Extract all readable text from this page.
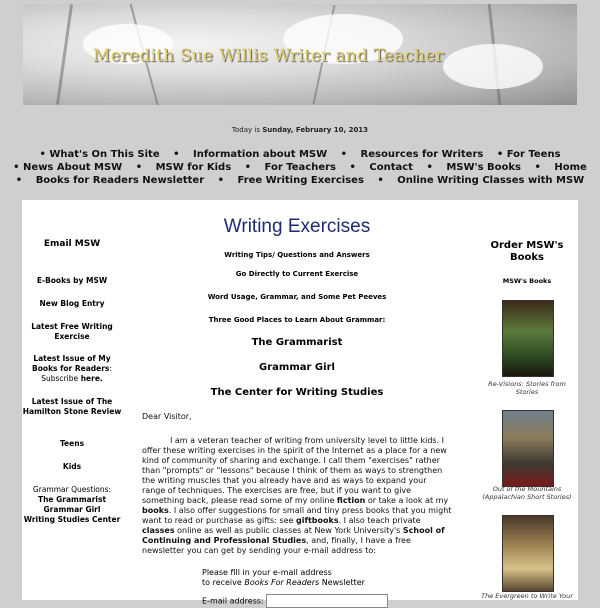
Meredith Sue Willis Writer and Teacher
Today is Sunday, February 10, 2013
• What's On This Site • Information about MSW • Resources for Writers • For Teens
• News About MSW • MSW for Kids • For Teachers • Contact • MSW's Books • Home
• Books for Readers Newsletter • Free Writing Exercises • Online Writing Classes with MSW
Email MSW
E-Books by MSW
New Blog Entry
Latest Free Writing Exercise
Latest Issue of My Books for Readers: Subscribe here.
Latest Issue of The Hamilton Stone Review
Teens
Kids
Grammar Questions:
The Grammarist
Grammar Girl
Writing Studies Center
Writing Exercises
Writing Tips/ Questions and Answers
Go Directly to Current Exercise
Word Usage, Grammar, and Some Pet Peeves
Three Good Places to Learn About Grammar:
The Grammarist
Grammar Girl
The Center for Writing Studies
Dear Visitor,
I am a veteran teacher of writing from university level to little kids. I offer these writing exercises in the spirit of the Internet as a place for a new kind of community of sharing and exchange. I call them "exercises" rather than "prompts" or "lessons" because I think of them as ways to strengthen the writing muscles that you already have and as ways to expand your range of techniques. The exercises are free, but if you want to give something back, please read some of my online fiction or take a look at my books. I also offer suggestions for small and tiny press books that you might want to read or purchase as gifts: see giftbooks. I also teach private classes online as well as public classes at New York University's School of Continuing and Professional Studies, and, finally, I have a free newsletter you can get by sending your e-mail address to:
Please fill in your e-mail address
to receive Books For Readers Newsletter
E-mail address:
Order MSW's Books
MSW's Books
Re-Visions: Stories from Stories
Out of the Mountains (Appalachian Short Stories)
The Evergreen to Write Your
